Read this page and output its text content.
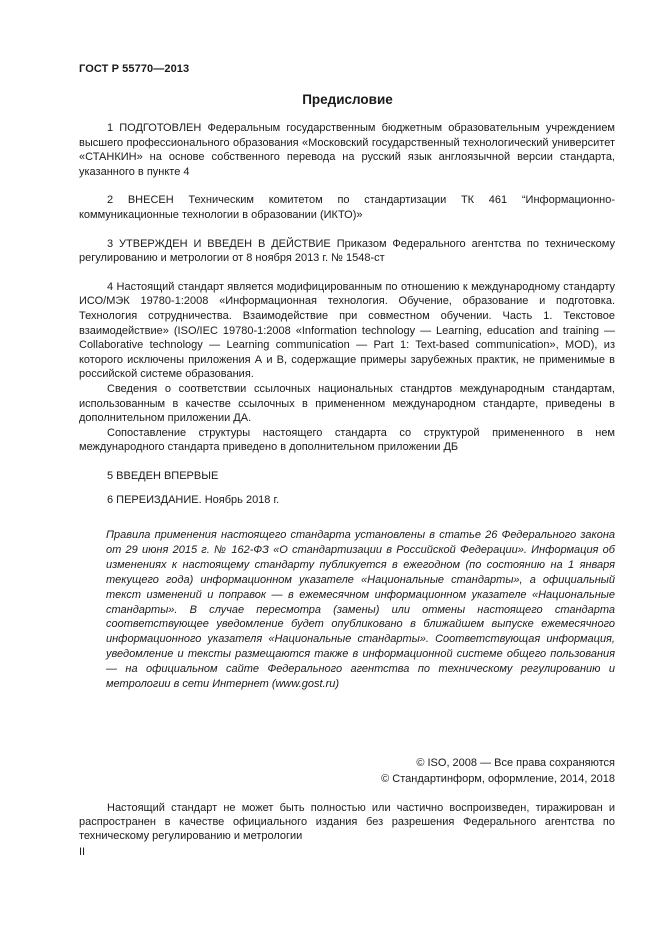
ГОСТ Р 55770—2013
Предисловие

1 ПОДГОТОВЛЕН Федеральным государственным бюджетным образовательным учреждением высшего профессионального образования «Московский государственный технологический университет «СТАНКИН» на основе собственного перевода на русский язык англоязычной версии стандарта, указанного в пункте 4

2 ВНЕСЕН Техническим комитетом по стандартизации ТК 461 “Информационно-коммуникационные технологии в образовании (ИКТО)»

3 УТВЕРЖДЕН И ВВЕДЕН В ДЕЙСТВИЕ Приказом Федерального агентства по техническому регулированию и метрологии от 8 ноября 2013 г. № 1548-ст

4 Настоящий стандарт является модифицированным по отношению к международному стандарту ИСО/МЭК 19780-1:2008 «Информационная технология. Обучение, образование и подготовка. Технология сотрудничества. Взаимодействие при совместном обучении. Часть 1. Текстовое взаимодействие» (ISO/IEC 19780-1:2008 «Information technology — Learning, education and training — Collaborative technology — Learning communication — Part 1: Text-based communication», MOD), из которого исключены приложения А и В, содержащие примеры зарубежных практик, не применимые в российской системе образования.

Сведения о соответствии ссылочных национальных стандртов международным стандартам, использованным в качестве ссылочных в примененном международном стандарте, приведены в дополнительном приложении ДА.

Сопоставление структуры настоящего стандарта со структурой примененного в нем международного стандарта приведено в дополнительном приложении ДБ

5 ВВЕДЕН ВПЕРВЫЕ

6 ПЕРЕИЗДАНИЕ. Ноябрь 2018 г.

Правила применения настоящего стандарта установлены в статье 26 Федерального закона от 29 июня 2015 г. № 162-ФЗ «О стандартизации в Российской Федерации». Информация об изменениях к настоящему стандарту публикуется в ежегодном (по состоянию на 1 января текущего года) информационном указателе «Национальные стандарты», а официальный текст изменений и поправок — в ежемесячном информационном указателе «Национальные стандарты». В случае пересмотра (замены) или отмены настоящего стандарта соответствующее уведомление будет опубликовано в ближайшем выпуске ежемесячного информационного указателя «Национальные стандарты». Соответствующая информация, уведомление и тексты размещаются также в информационной системе общего пользования — на официальном сайте Федерального агентства по техническому регулированию и метрологии в сети Интернет (www.gost.ru)

© ISO, 2008 — Все права сохраняются
© Стандартинформ, оформление, 2014, 2018

Настоящий стандарт не может быть полностью или частично воспроизведен, тиражирован и распространен в качестве официального издания без разрешения Федерального агентства по техническому регулированию и метрологии

II
